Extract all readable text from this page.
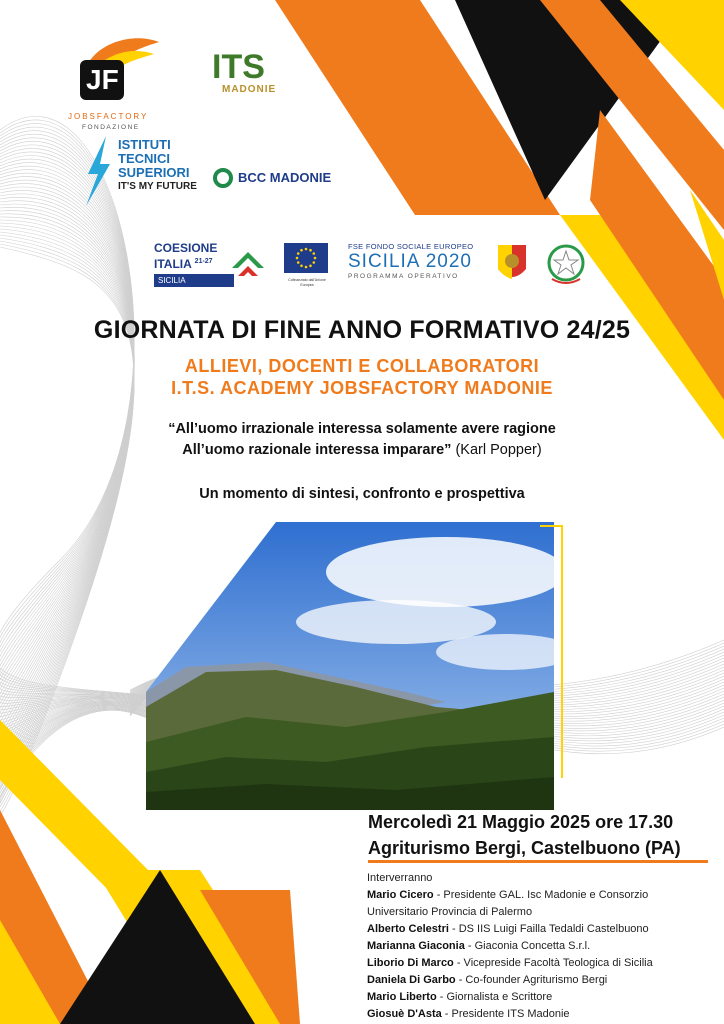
JF
JOBSFACTORY
FONDAZIONE
ITS
MADONIE
ISTITUTI
TECNICI
SUPERIORI
IT'S MY FUTURE
BCC MADONIE
COESIONE
ITALIA $^{21-27}$
SICILIA	Cofinanziato dall'Unione Europea
FSE FONDO SOCIALE EUROPEO
SICILIA 2020
PROGRAMMA OPERATIVO
GIORNATA DI FINE ANNO FORMATIVO 24/25
ALLIEVI, DOCENTI E COLLABORATORI
I.T.S. ACADEMY JOBSFACTORY MADONIE
“All’uomo irrazionale interessa solamente avere ragione
All’uomo razionale interessa imparare” (Karl Popper)
Un momento di sintesi, confronto e prospettiva
Mercoledì 21 Maggio 2025 ore 17.30
Agriturismo Bergi, Castelbuono (PA)
Interverranno
Mario Cicero - Presidente GAL. Isc Madonie e Consorzio
Universitario Provincia di Palermo
Alberto Celestri - DS IIS Luigi Failla Tedaldi Castelbuono
Marianna Giaconia - Giaconia Concetta S.r.l.
Liborio Di Marco - Vicepreside Facoltà Teologica di Sicilia
Daniela Di Garbo - Co-founder Agriturismo Bergi
Mario Liberto - Giornalista e Scrittore
Giosuè D'Asta - Presidente ITS Madonie
